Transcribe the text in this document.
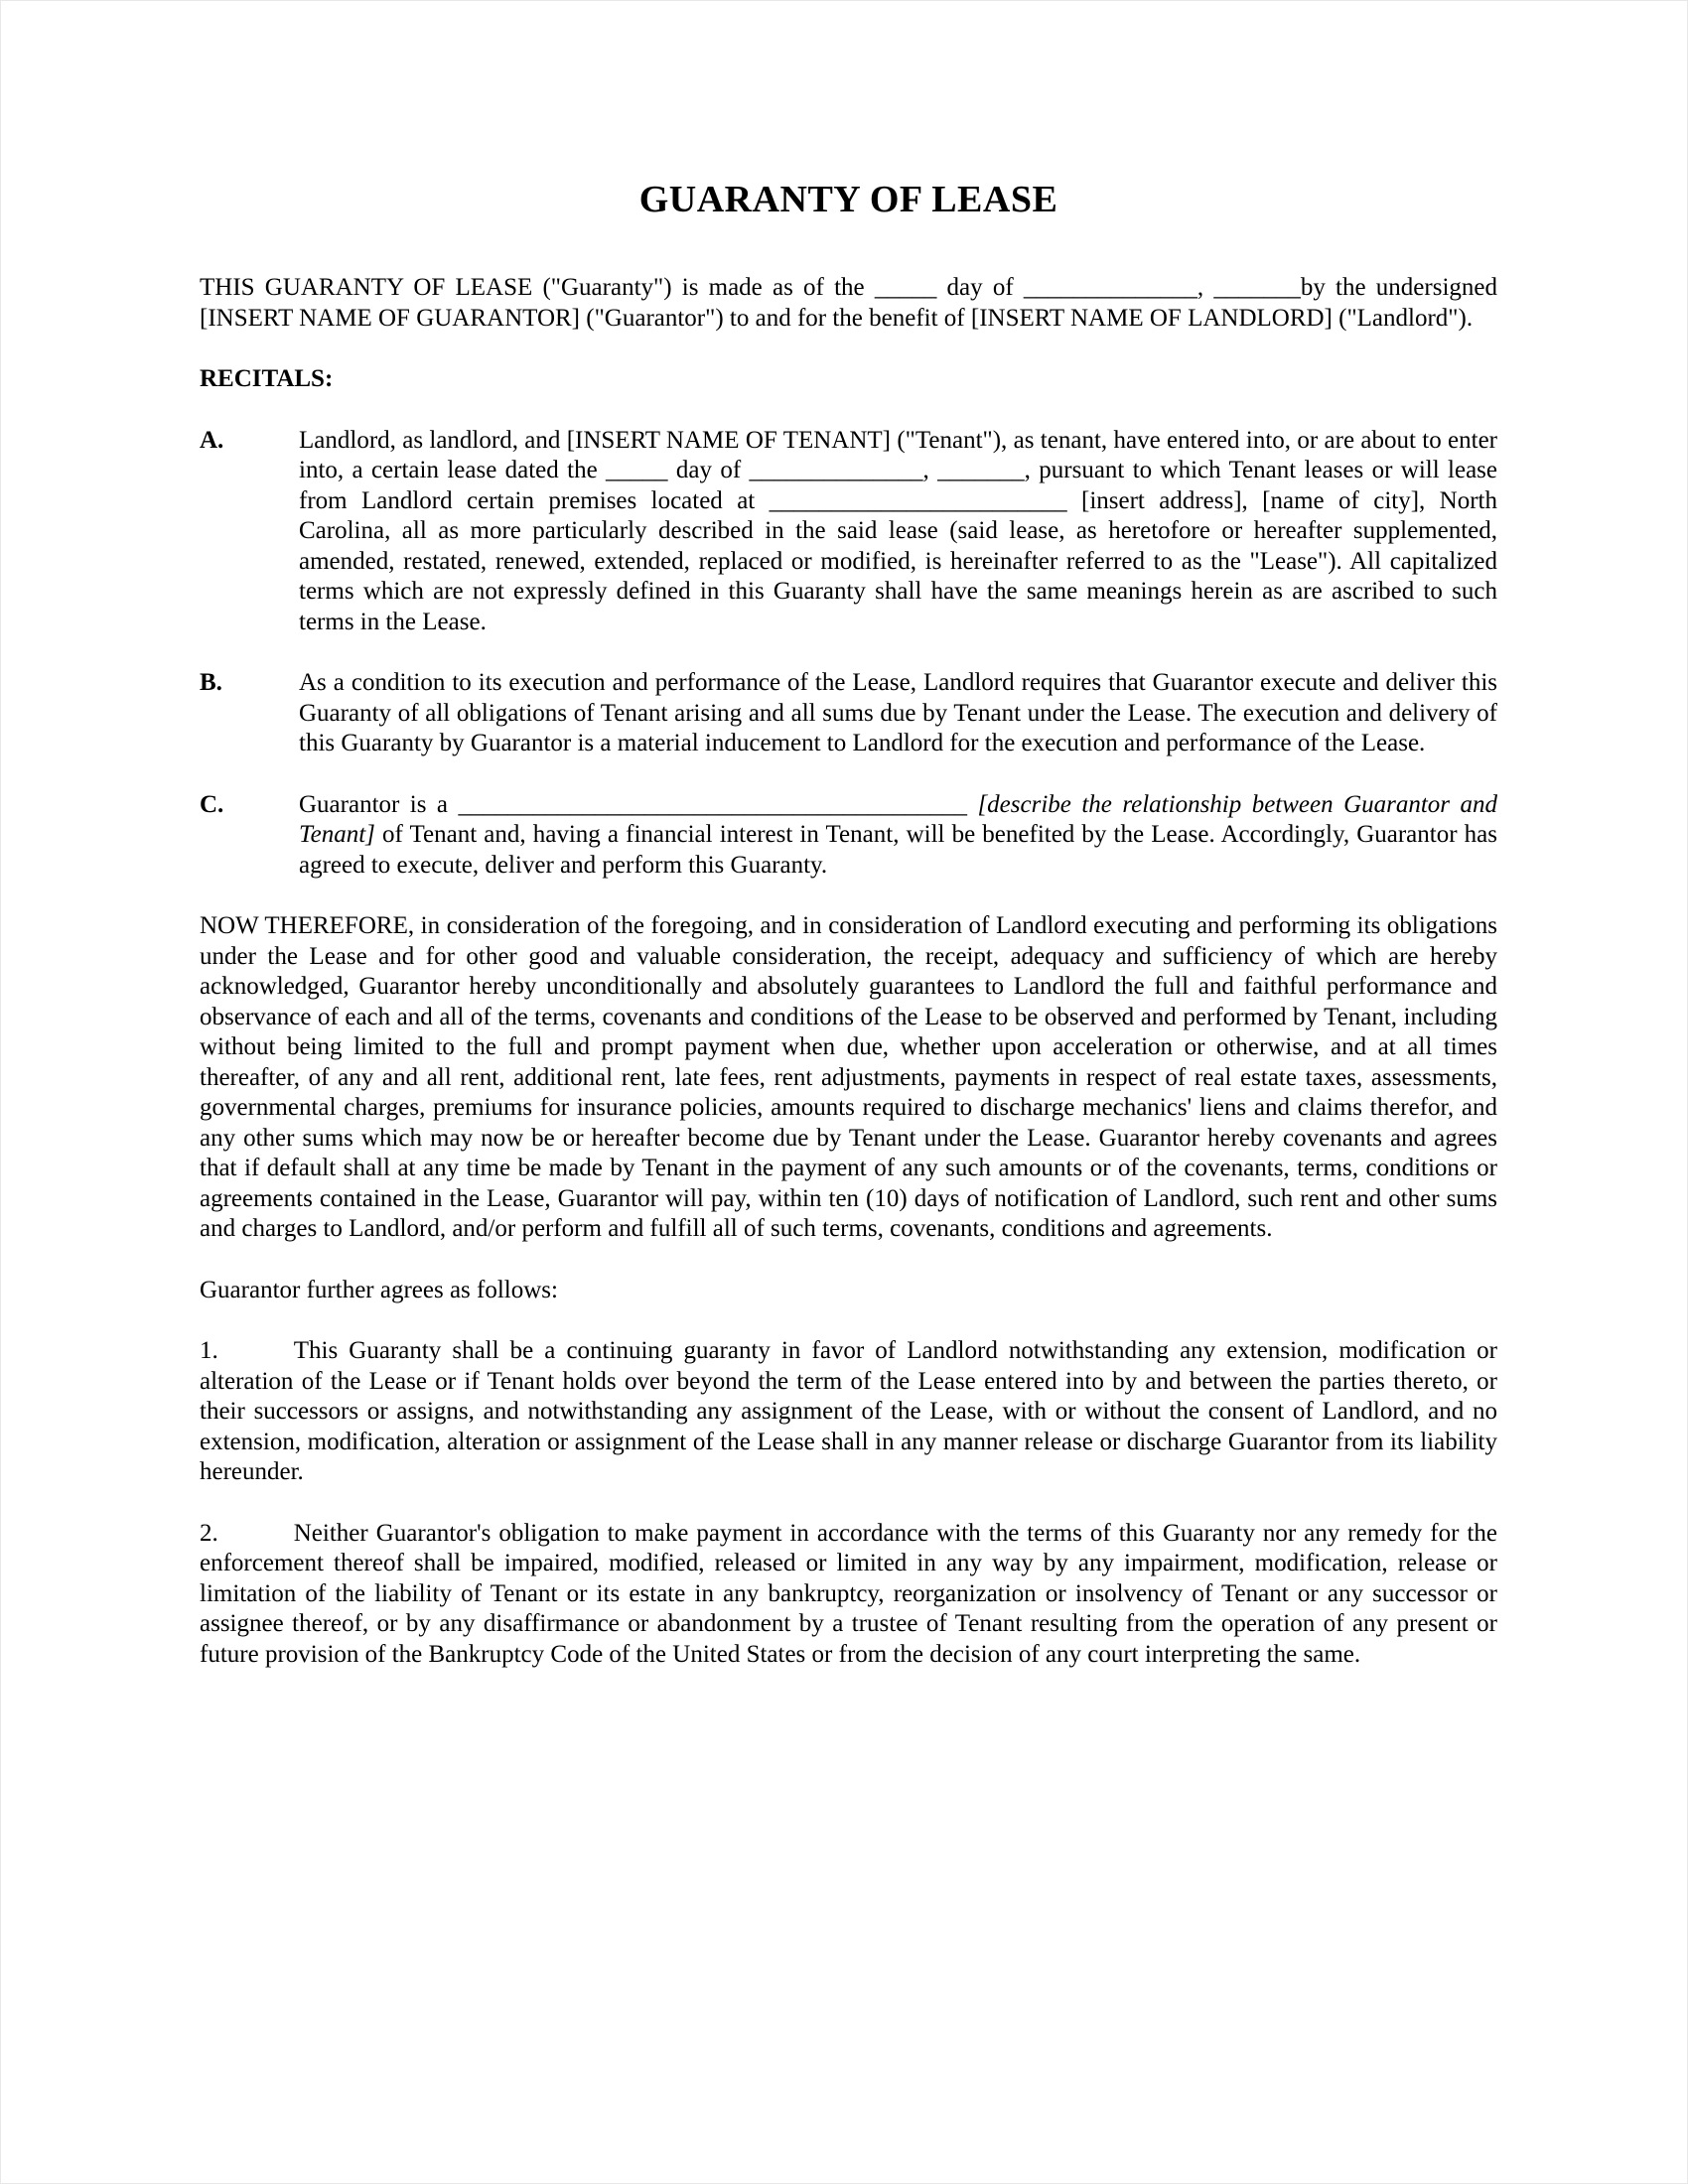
GUARANTY OF LEASE

THIS GUARANTY OF LEASE ("Guaranty") is made as of the _____ day of ______________, _______by the undersigned [INSERT NAME OF GUARANTOR] ("Guarantor") to and for the benefit of [INSERT NAME OF LANDLORD] ("Landlord").

RECITALS:
A.	Landlord, as landlord, and [INSERT NAME OF TENANT] ("Tenant"), as tenant, have entered into, or are about to enter into, a certain lease dated the _____ day of ______________, _______, pursuant to which Tenant leases or will lease from Landlord certain premises located at ________________________ [insert address], [name of city], North Carolina, all as more particularly described in the said lease (said lease, as heretofore or hereafter supplemented, amended, restated, renewed, extended, replaced or modified, is hereinafter referred to as the "Lease"). All capitalized terms which are not expressly defined in this Guaranty shall have the same meanings herein as are ascribed to such terms in the Lease.

B.	As a condition to its execution and performance of the Lease, Landlord requires that Guarantor execute and deliver this Guaranty of all obligations of Tenant arising and all sums due by Tenant under the Lease. The execution and delivery of this Guaranty by Guarantor is a material inducement to Landlord for the execution and performance of the Lease.

C.	Guarantor is a _________________________________________ [describe the relationship between Guarantor and Tenant] of Tenant and, having a financial interest in Tenant, will be benefited by the Lease. Accordingly, Guarantor has agreed to execute, deliver and perform this Guaranty.

NOW THEREFORE, in consideration of the foregoing, and in consideration of Landlord executing and performing its obligations under the Lease and for other good and valuable consideration, the receipt, adequacy and sufficiency of which are hereby acknowledged, Guarantor hereby unconditionally and absolutely guarantees to Landlord the full and faithful performance and observance of each and all of the terms, covenants and conditions of the Lease to be observed and performed by Tenant, including without being limited to the full and prompt payment when due, whether upon acceleration or otherwise, and at all times thereafter, of any and all rent, additional rent, late fees, rent adjustments, payments in respect of real estate taxes, assessments, governmental charges, premiums for insurance policies, amounts required to discharge mechanics' liens and claims therefor, and any other sums which may now be or hereafter become due by Tenant under the Lease. Guarantor hereby covenants and agrees that if default shall at any time be made by Tenant in the payment of any such amounts or of the covenants, terms, conditions or agreements contained in the Lease, Guarantor will pay, within ten (10) days of notification of Landlord, such rent and other sums and charges to Landlord, and/or perform and fulfill all of such terms, covenants, conditions and agreements.

Guarantor further agrees as follows:

1.	This Guaranty shall be a continuing guaranty in favor of Landlord notwithstanding any extension, modification or alteration of the Lease or if Tenant holds over beyond the term of the Lease entered into by and between the parties thereto, or their successors or assigns, and notwithstanding any assignment of the Lease, with or without the consent of Landlord, and no extension, modification, alteration or assignment of the Lease shall in any manner release or discharge Guarantor from its liability hereunder.

2.	Neither Guarantor's obligation to make payment in accordance with the terms of this Guaranty nor any remedy for the enforcement thereof shall be impaired, modified, released or limited in any way by any impairment, modification, release or limitation of the liability of Tenant or its estate in any bankruptcy, reorganization or insolvency of Tenant or any successor or assignee thereof, or by any disaffirmance or abandonment by a trustee of Tenant resulting from the operation of any present or future provision of the Bankruptcy Code of the United States or from the decision of any court interpreting the same.
